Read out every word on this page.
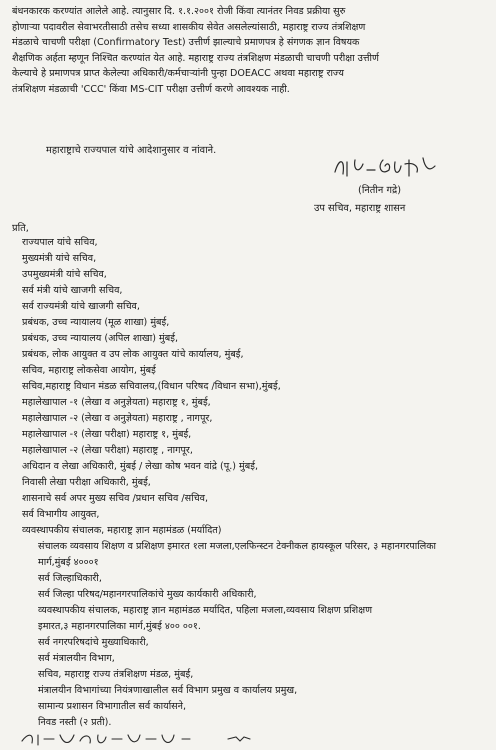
बंधनकारक करण्यांत आलेले आहे. त्यानुसार दि. १.१.२००१ रोजी किंवा त्यानंतर निवड प्रक्रीया सुरु
होणाऱ्या पदावरील सेवाभरतीसाठी तसेच सध्या शासकीय सेवेत असलेल्यांसाठी, महाराष्ट्र राज्य तंत्रशिक्षण
मंडळाचे चाचणी परीक्षा (Confirmatory Test) उत्तीर्ण झाल्याचे प्रमाणपत्र हे संगणक ज्ञान विषयक
शैक्षणिक अर्हता म्हणून निश्चित करण्यांत येत आहे. महाराष्ट्र राज्य तंत्रशिक्षण मंडळाची चाचणी परीक्षा उत्तीर्ण
केल्याचे हे प्रमाणपत्र प्राप्त केलेल्या अधिकारी/कर्मचाऱ्यांनी पुन्हा DOEACC अथवा महाराष्ट्र राज्य
तंत्रशिक्षण मंडळाची 'CCC' किंवा MS-CIT परीक्षा उत्तीर्ण करणे आवश्यक नाही.

महाराष्ट्राचे राज्यपाल यांचे आदेशानुसार व नांवाने.
(नितीन गद्रे)
उप सचिव, महाराष्ट्र शासन
प्रति,
राज्यपाल यांचे सचिव,
मुख्यमंत्री यांचे सचिव,
उपमुख्यमंत्री यांचे सचिव,
सर्व मंत्री यांचे खाजगी सचिव,
सर्व राज्यमंत्री यांचे खाजगी सचिव,
प्रबंधक, उच्च न्यायालय (मूळ शाखा) मुंबई,
प्रबंधक, उच्च न्यायालय (अपिल शाखा) मुंबई,
प्रबंधक, लोक आयुक्त व उप लोक आयुक्त यांचे कार्यालय, मुंबई,
सचिव, महाराष्ट्र लोकसेवा आयोग, मुंबई
सचिव,महाराष्ट्र विधान मंडळ सचिवालय,(विधान परिषद /विधान सभा),मुंबई,
महालेखापाल -१ (लेखा व अनुज्ञेयता) महाराष्ट्र १, मुंबई,
महालेखापाल -२ (लेखा व अनुज्ञेयता) महाराष्ट्र , नागपूर,
महालेखापाल -१ (लेखा परीक्षा) महाराष्ट्र १, मुंबई,
महालेखापाल -२ (लेखा परीक्षा) महाराष्ट्र , नागपूर,
अधिदान व लेखा अधिकारी, मुंबई / लेखा कोष भवन वांद्रे (पू.) मुंबई,
निवासी लेखा परीक्षा अधिकारी, मुंबई,
शासनाचे सर्व अपर मुख्य सचिव /प्रधान सचिव /सचिव,
सर्व विभागीय आयुक्त,
व्यवस्थापकीय संचालक, महाराष्ट्र ज्ञान महामंडळ (मर्यादित)
संचालक व्यवसाय शिक्षण व प्रशिक्षण इमारत १ला मजला,एलफिन्स्टन टेक्नीकल हायस्कूल परिसर, ३ महानगरपालिका
मार्ग,मुंबई ४०००१
सर्व जिल्हाधिकारी,
सर्व जिल्हा परिषद/महानगरपालिकांचे मुख्य कार्यकारी अधिकारी,
व्यवस्थापकीय संचालक, महाराष्ट्र ज्ञान महामंडळ मर्यादित, पहिला मजला,व्यवसाय शिक्षण प्रशिक्षण
इमारत,३ महानगरपालिका मार्ग,मुंबई ४०० ००१.
सर्व नगरपरिषदांचे मुख्याधिकारी,
सर्व मंत्रालयीन विभाग,
सचिव, महाराष्ट्र राज्य तंत्रशिक्षण मंडळ, मुंबई,
मंत्रालयीन विभागांच्या नियंत्रणाखालील सर्व विभाग प्रमुख व कार्यालय प्रमुख,
सामान्य प्रशासन विभागातील सर्व कार्यासने,
निवड नस्ती (२ प्रती).
